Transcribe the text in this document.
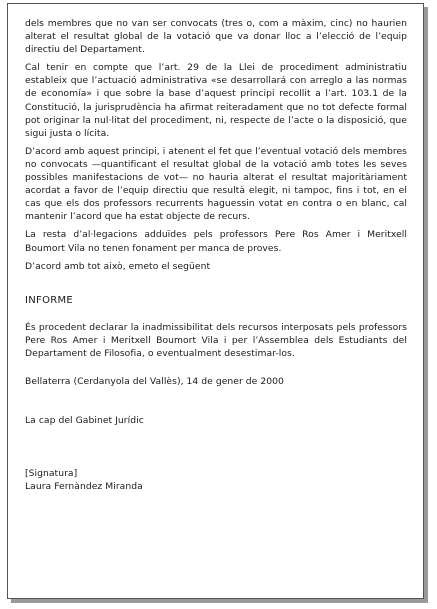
dels membres que no van ser convocats (tres o, com a màxim, cinc) no haurien alterat el resultat global de la votació que va donar lloc a l’elecció de l’equip directiu del Departament.

Cal tenir en compte que l’art. 29 de la Llei de procediment administratiu estableix que l’actuació administrativa «se desarrollará con arreglo a las normas de economía» i que sobre la base d’aquest principi recollit a l’art. 103.1 de la Constitució, la jurisprudència ha afirmat reiteradament que no tot defecte formal pot originar la nul·litat del procediment, ni, respecte de l’acte o la disposició, que sigui justa o lícita.

D’acord amb aquest principi, i atenent el fet que l’eventual votació dels membres no convocats —quantificant el resultat global de la votació amb totes les seves possibles manifestacions de vot— no hauria alterat el resultat majoritàriament acordat a favor de l’equip directiu que resultà elegit, ni tampoc, fins i tot, en el cas que els dos professors recurrents haguessin votat en contra o en blanc, cal mantenir l’acord que ha estat objecte de recurs.

La resta d’al·legacions adduïdes pels professors Pere Ros Amer i Meritxell Boumort Vila no tenen fonament per manca de proves.

D’acord amb tot això, emeto el següent

INFORME

És procedent declarar la inadmissibilitat dels recursos interposats pels professors Pere Ros Amer i Meritxell Boumort Vila i per l’Assemblea dels Estudiants del Departament de Filosofia, o eventualment desestimar-los.

Bellaterra (Cerdanyola del Vallès), 14 de gener de 2000

La cap del Gabinet Jurídic

[Signatura]

Laura Fernàndez Miranda
